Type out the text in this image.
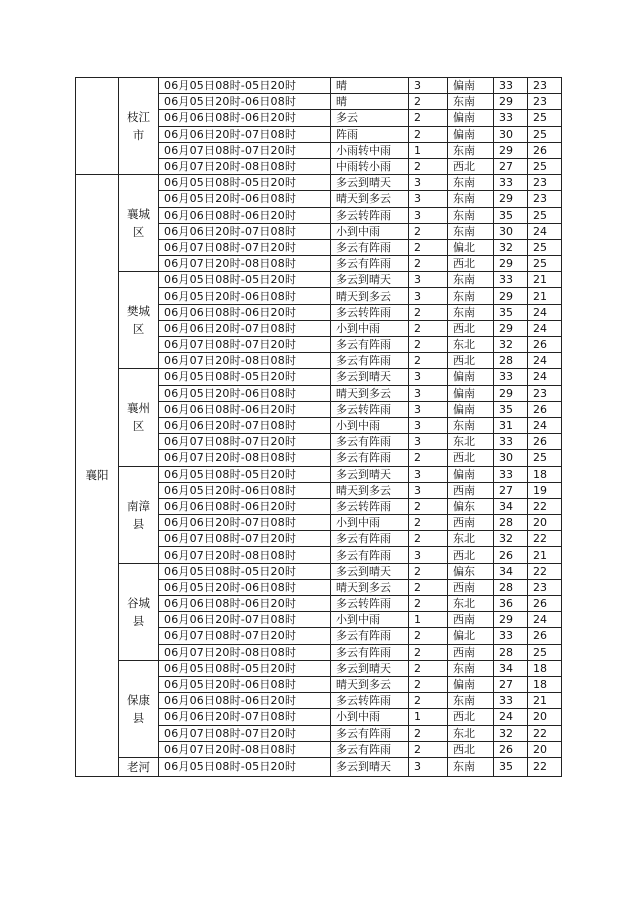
	枝江市	06月05日08时-05日20时	晴	3	偏南	33	23
		06月05日20时-06日08时	晴	2	东南	29	23
		06月06日08时-06日20时	多云	2	偏南	33	25
		06月06日20时-07日08时	阵雨	2	偏南	30	25
		06月07日08时-07日20时	小雨转中雨	1	东南	29	26
		06月07日20时-08日08时	中雨转小雨	2	西北	27	25
襄阳	襄城区	06月05日08时-05日20时	多云到晴天	3	东南	33	23
		06月05日20时-06日08时	晴天到多云	3	东南	29	23
		06月06日08时-06日20时	多云转阵雨	3	东南	35	25
		06月06日20时-07日08时	小到中雨	2	东南	30	24
		06月07日08时-07日20时	多云有阵雨	2	偏北	32	25
		06月07日20时-08日08时	多云有阵雨	2	西北	29	25
	樊城区	06月05日08时-05日20时	多云到晴天	3	东南	33	21
		06月05日20时-06日08时	晴天到多云	3	东南	29	21
		06月06日08时-06日20时	多云转阵雨	2	东南	35	24
		06月06日20时-07日08时	小到中雨	2	西北	29	24
		06月07日08时-07日20时	多云有阵雨	2	东北	32	26
		06月07日20时-08日08时	多云有阵雨	2	西北	28	24
	襄州区	06月05日08时-05日20时	多云到晴天	3	偏南	33	24
		06月05日20时-06日08时	晴天到多云	3	偏南	29	23
		06月06日08时-06日20时	多云转阵雨	3	偏南	35	26
		06月06日20时-07日08时	小到中雨	3	东南	31	24
		06月07日08时-07日20时	多云有阵雨	3	东北	33	26
		06月07日20时-08日08时	多云有阵雨	2	西北	30	25
	南漳县	06月05日08时-05日20时	多云到晴天	3	偏南	33	18
		06月05日20时-06日08时	晴天到多云	3	西南	27	19
		06月06日08时-06日20时	多云转阵雨	2	偏东	34	22
		06月06日20时-07日08时	小到中雨	2	西南	28	20
		06月07日08时-07日20时	多云有阵雨	2	东北	32	22
		06月07日20时-08日08时	多云有阵雨	3	西北	26	21
	谷城县	06月05日08时-05日20时	多云到晴天	2	偏东	34	22
		06月05日20时-06日08时	晴天到多云	2	西南	28	23
		06月06日08时-06日20时	多云转阵雨	2	东北	36	26
		06月06日20时-07日08时	小到中雨	1	西南	29	24
		06月07日08时-07日20时	多云有阵雨	2	偏北	33	26
		06月07日20时-08日08时	多云有阵雨	2	西南	28	25
	保康县	06月05日08时-05日20时	多云到晴天	2	东南	34	18
		06月05日20时-06日08时	晴天到多云	2	偏南	27	18
		06月06日08时-06日20时	多云转阵雨	2	东南	33	21
		06月06日20时-07日08时	小到中雨	1	西北	24	20
		06月07日08时-07日20时	多云有阵雨	2	东北	32	22
		06月07日20时-08日08时	多云有阵雨	2	西北	26	20
	老河	06月05日08时-05日20时	多云到晴天	3	东南	35	22
